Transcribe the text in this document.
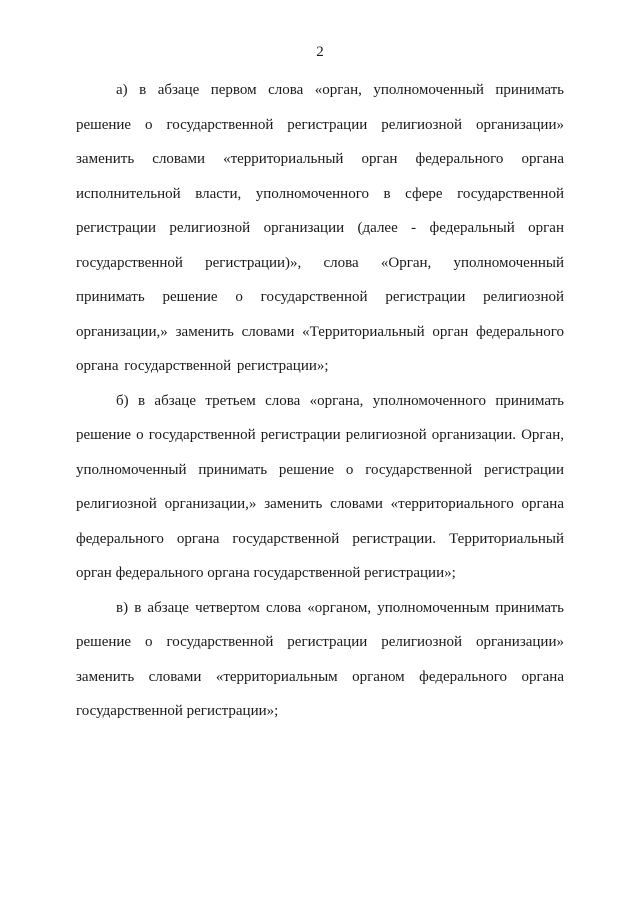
2

а) в абзаце первом слова «орган, уполномоченный принимать решение о государственной регистрации религиозной организации» заменить словами «территориальный орган федерального органа исполнительной власти, уполномоченного в сфере государственной регистрации религиозной организации (далее - федеральный орган государственной регистрации)», слова «Орган, уполномоченный принимать решение о государственной регистрации религиозной организации,» заменить словами «Территориальный орган федерального органа государственной регистрации»;

б) в абзаце третьем слова «органа, уполномоченного принимать решение о государственной регистрации религиозной организации. Орган, уполномоченный принимать решение о государственной регистрации религиозной организации,» заменить словами «территориального органа федерального органа государственной регистрации. Территориальный орган федерального органа государственной регистрации»;

в) в абзаце четвертом слова «органом, уполномоченным принимать решение о государственной регистрации религиозной организации» заменить словами «территориальным органом федерального органа государственной регистрации»;
